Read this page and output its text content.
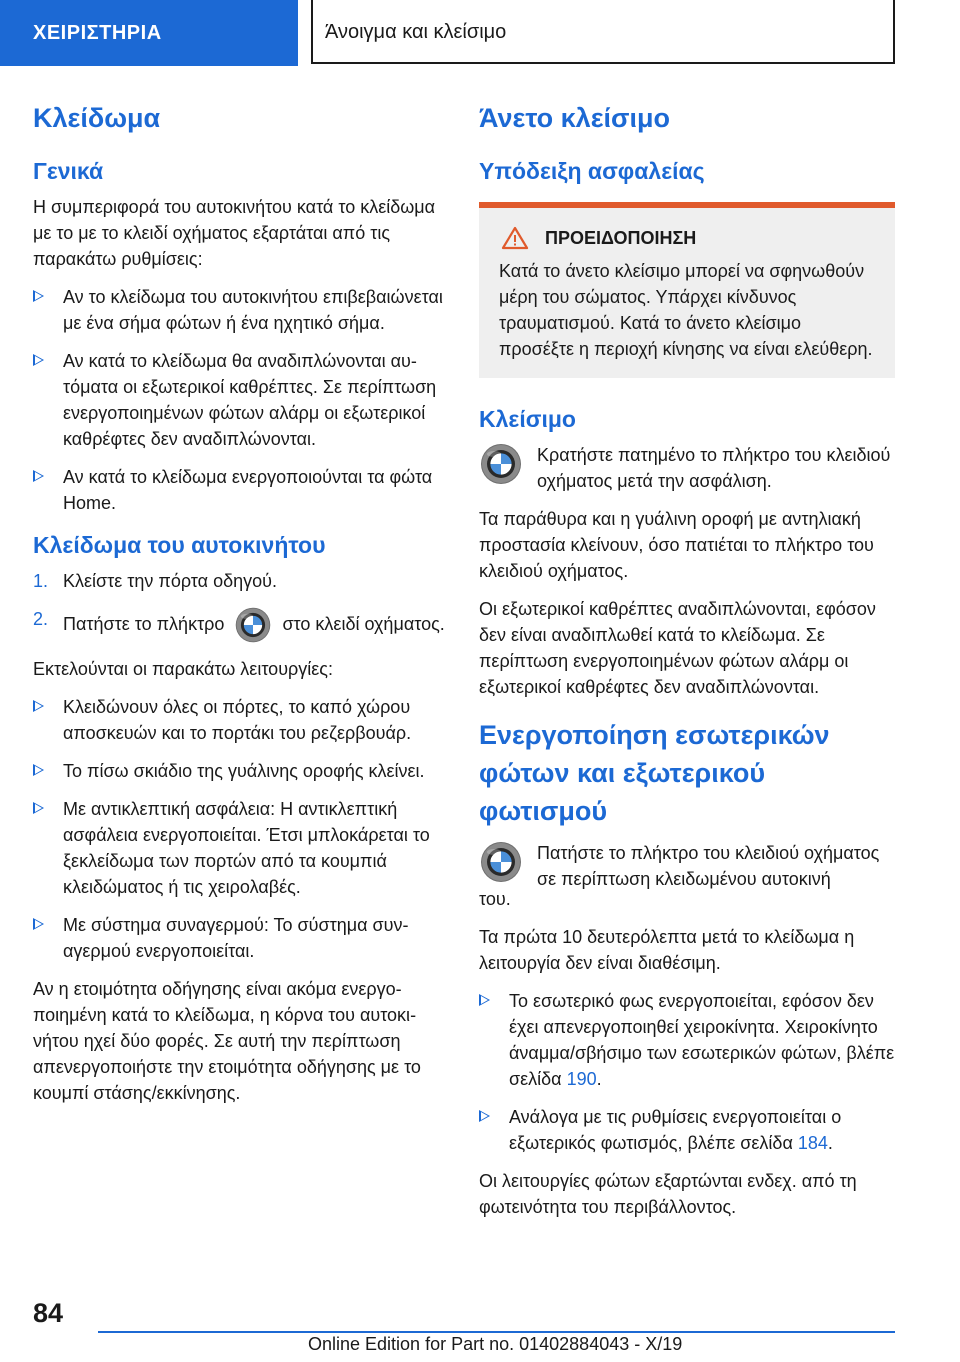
ΧΕΙΡΙΣΤΗΡΙΑ	Άνοιγμα και κλείσιμο
Κλείδωμα
Γενικά

Η συμπεριφορά του αυτοκινήτου κατά το κλείδωμα με το με το κλειδί οχήματος εξαρτάται από τις παρακάτω ρυθμίσεις:

Αν το κλείδωμα του αυτοκινήτου επιβεβαιώνεται με ένα σήμα φώτων ή ένα ηχητικό σήμα.
Αν κατά το κλείδωμα θα αναδιπλώνονται αυτόματα οι εξωτερικοί καθρέπτες. Σε περίπτωση ενεργοποιημένων φώτων αλάρμ οι εξωτερικοί καθρέφτες δεν αναδιπλώνονται.
Αν κατά το κλείδωμα ενεργοποιούνται τα φώτα Home.
Κλείδωμα του αυτοκινήτου
1. Κλείστε την πόρτα οδηγού.
2. Πατήστε το πλήκτρο	στο κλειδί οχήματος.

Εκτελούνται οι παρακάτω λειτουργίες:

Κλειδώνουν όλες οι πόρτες, το καπό χώρου αποσκευών και το πορτάκι του ρεζερβουάρ.
Το πίσω σκιάδιο της γυάλινης οροφής κλείνει.
Με αντικλεπτική ασφάλεια: Η αντικλεπτική ασφάλεια ενεργοποιείται. Έτσι μπλοκάρεται το ξεκλείδωμα των πορτών από τα κουμπιά κλειδώματος ή τις χειρολαβές.
Με σύστημα συναγερμού: Το σύστημα συναγερμού ενεργοποιείται.

Αν η ετοιμότητα οδήγησης είναι ακόμα ενεργοποιημένη κατά το κλείδωμα, η κόρνα του αυτοκινήτου ηχεί δύο φορές. Σε αυτή την περίπτωση απενεργοποιήστε την ετοιμότητα οδήγησης με το κουμπί στάσης/εκκίνησης.

Άνετο κλείσιμο
Υπόδειξη ασφαλείας
ΠΡΟΕΙΔΟΠΟΙΗΣΗ

Κατά το άνετο κλείσιμο μπορεί να σφηνωθούν μέρη του σώματος. Υπάρχει κίνδυνος τραυματισμού. Κατά το άνετο κλείσιμο προσέξτε η περιοχή κίνησης να είναι ελεύθερη.

Κλείσιμο
Κρατήστε πατημένο το πλήκτρο του κλειδιού οχήματος μετά την ασφάλιση.

Τα παράθυρα και η γυάλινη οροφή με αντηλιακή προστασία κλείνουν, όσο πατιέται το πλήκτρο του κλειδιού οχήματος.

Οι εξωτερικοί καθρέπτες αναδιπλώνονται, εφόσον δεν είναι αναδιπλωθεί κατά το κλείδωμα. Σε περίπτωση ενεργοποιημένων φώτων αλάρμ οι εξωτερικοί καθρέφτες δεν αναδιπλώνονται.

Ενεργοποίηση εσωτερικών φώτων και εξωτερικού φωτισμού
Πατήστε το πλήκτρο του κλειδιού οχήματος σε περίπτωση κλειδωμένου αυτοκινή

του.

Τα πρώτα 10 δευτερόλεπτα μετά το κλείδωμα η λειτουργία δεν είναι διαθέσιμη.

Το εσωτερικό φως ενεργοποιείται, εφόσον δεν έχει απενεργοποιηθεί χειροκίνητα. Χειροκίνητο άναμμα/σβήσιμο των εσωτερικών φώτων, βλέπε σελίδα 190.
Ανάλογα με τις ρυθμίσεις ενεργοποιείται ο εξωτερικός φωτισμός, βλέπε σελίδα 184.

Οι λειτουργίες φώτων εξαρτώνται ενδεχ. από τη φωτεινότητα του περιβάλλοντος.

84
Online Edition for Part no. 01402884043 - X/19
